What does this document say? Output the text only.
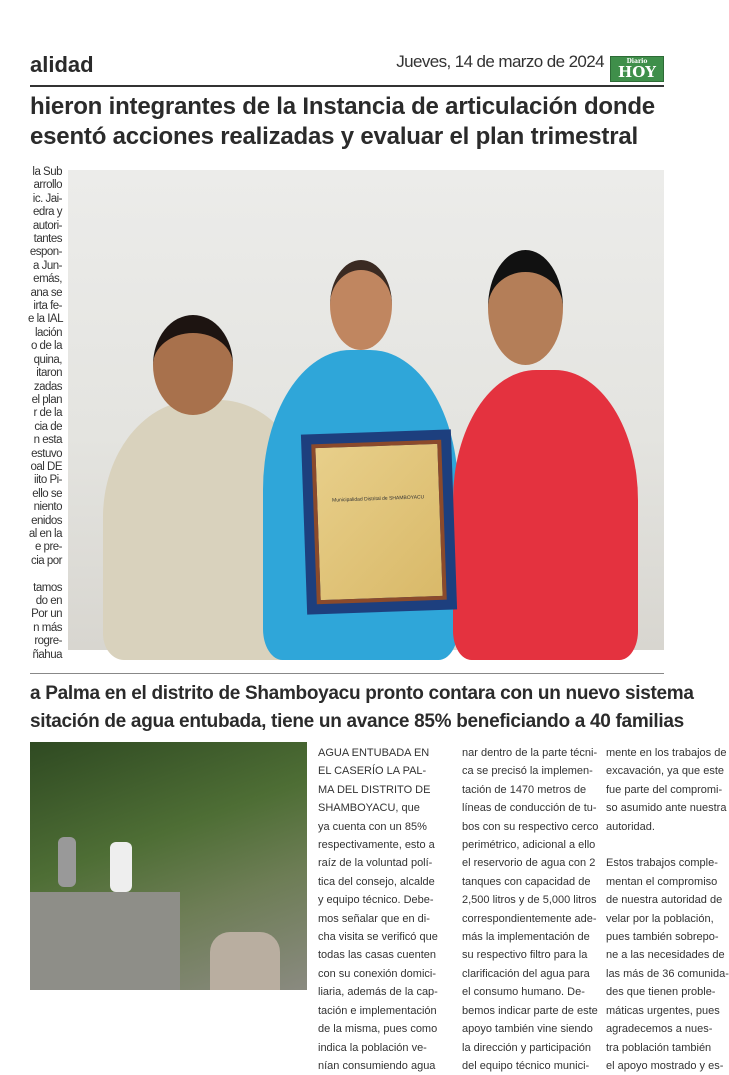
alidad	Jueves, 14 de marzo de 2024	Diario
HOY
hieron integrantes de la Instancia de articulación donde
esentó acciones realizadas y evaluar el plan trimestral
la Sub
arrollo
ic. Jai-
edra y
autori-
tantes
espon-
a Jun-
emás,
ana se
irta fe-
e la IAL
lación
o de la
quina,
itaron
zadas
el plan
r de la
cia de
n esta
estuvo
oal DE
iito Pi-
ello se
niento
enidos
al en la
e pre-
cia por

tamos
do en
Por un
n más
rogre-
ñahua
Municipalidad Distrital de SHAMBOYACU
a Palma en el distrito de Shamboyacu pronto contara con un nuevo sistema
sitación de agua entubada, tiene un avance 85% beneficiando a 40 familias
AGUA ENTUBADA EN
EL CASERÍO LA PAL-
MA DEL DISTRITO DE
SHAMBOYACU, que
ya cuenta con un 85%
respectivamente, esto a
raíz de la voluntad polí-
tica del consejo, alcalde
y equipo técnico. Debe-
mos señalar que en di-
cha visita se verificó que
todas las casas cuenten
con su conexión domici-
liaria, además de la cap-
tación e implementación
de la misma, pues como
indica la población ve-
nían consumiendo agua
nar dentro de la parte técni-
ca se precisó la implemen-
tación de 1470 metros de
líneas de conducción de tu-
bos con su respectivo cerco
perimétrico, adicional a ello
el reservorio de agua con 2
tanques con capacidad de
2,500 litros y de 5,000 litros
correspondientemente ade-
más la implementación de
su respectivo filtro para la
clarificación del agua para
el consumo humano. De-
bemos indicar parte de este
apoyo también vine siendo
la dirección y participación
del equipo técnico munici-
mente en los trabajos de
excavación, ya que este
fue parte del compromi-
so asumido ante nuestra
autoridad.

Estos trabajos comple-
mentan el compromiso
de nuestra autoridad de
velar por la población,
pues también sobrepo-
ne a las necesidades de
las más de 36 comunida-
des que tienen proble-
máticas urgentes, pues
agradecemos a nues-
tra población también
el apoyo mostrado y es-
